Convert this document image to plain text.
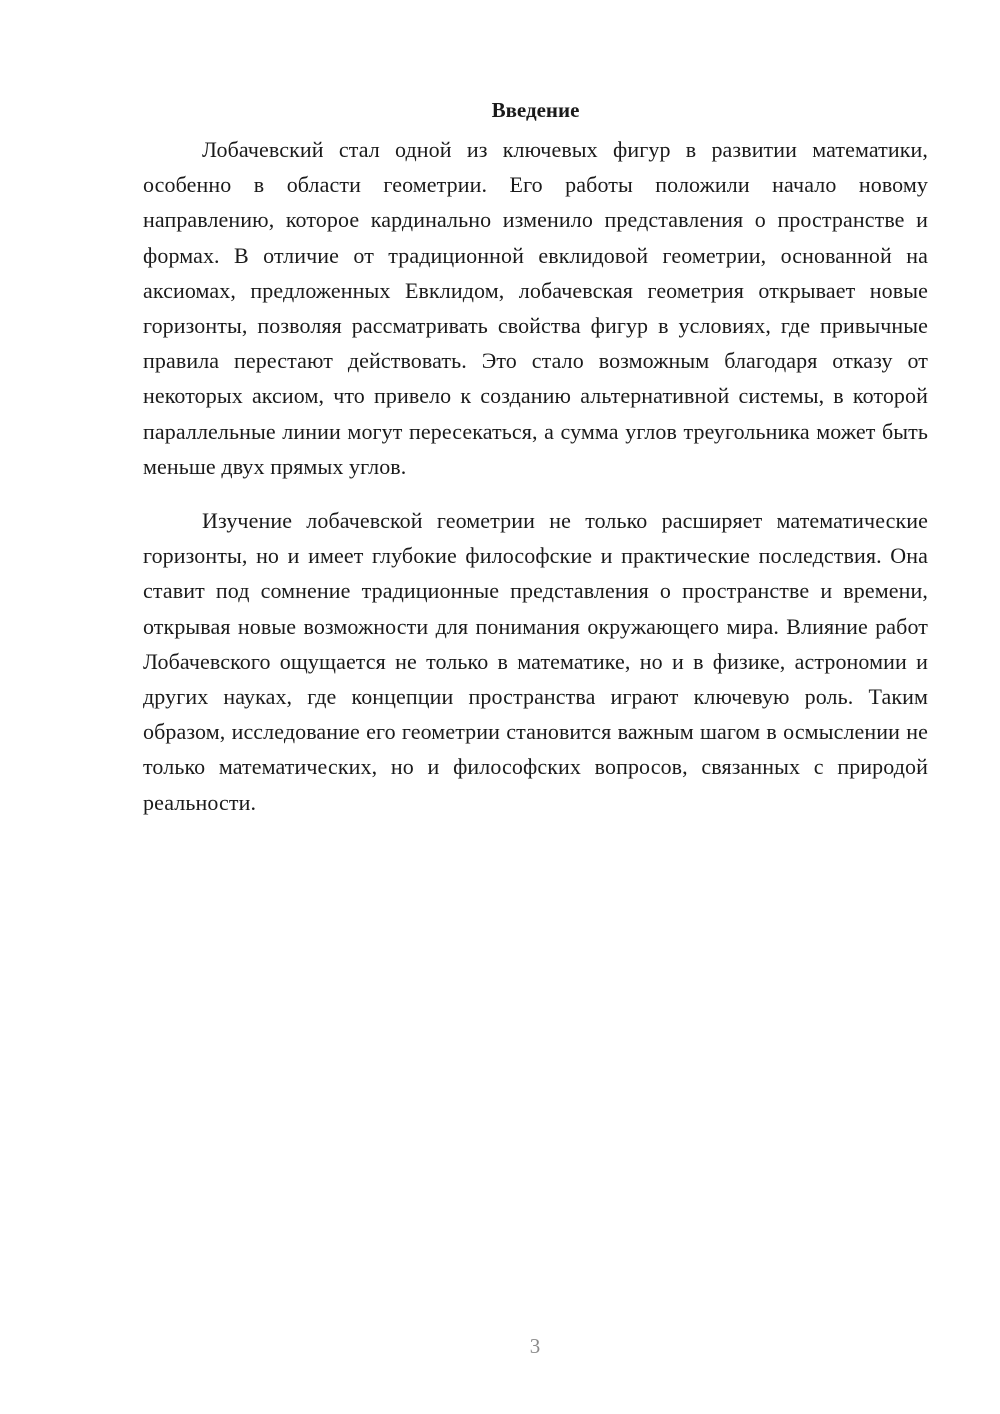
Введение

Лобачевский стал одной из ключевых фигур в развитии математики, особенно в области геометрии. Его работы положили начало новому направлению, которое кардинально изменило представления о пространстве и формах. В отличие от традиционной евклидовой геометрии, основанной на аксиомах, предложенных Евклидом, лобачевская геометрия открывает новые горизонты, позволяя рассматривать свойства фигур в условиях, где привычные правила перестают действовать. Это стало возможным благодаря отказу от некоторых аксиом, что привело к созданию альтернативной системы, в которой параллельные линии могут пересекаться, а сумма углов треугольника может быть меньше двух прямых углов.

Изучение лобачевской геометрии не только расширяет математические горизонты, но и имеет глубокие философские и практические последствия. Она ставит под сомнение традиционные представления о пространстве и времени, открывая новые возможности для понимания окружающего мира. Влияние работ Лобачевского ощущается не только в математике, но и в физике, астрономии и других науках, где концепции пространства играют ключевую роль. Таким образом, исследование его геометрии становится важным шагом в осмыслении не только математических, но и философских вопросов, связанных с природой реальности.

3
